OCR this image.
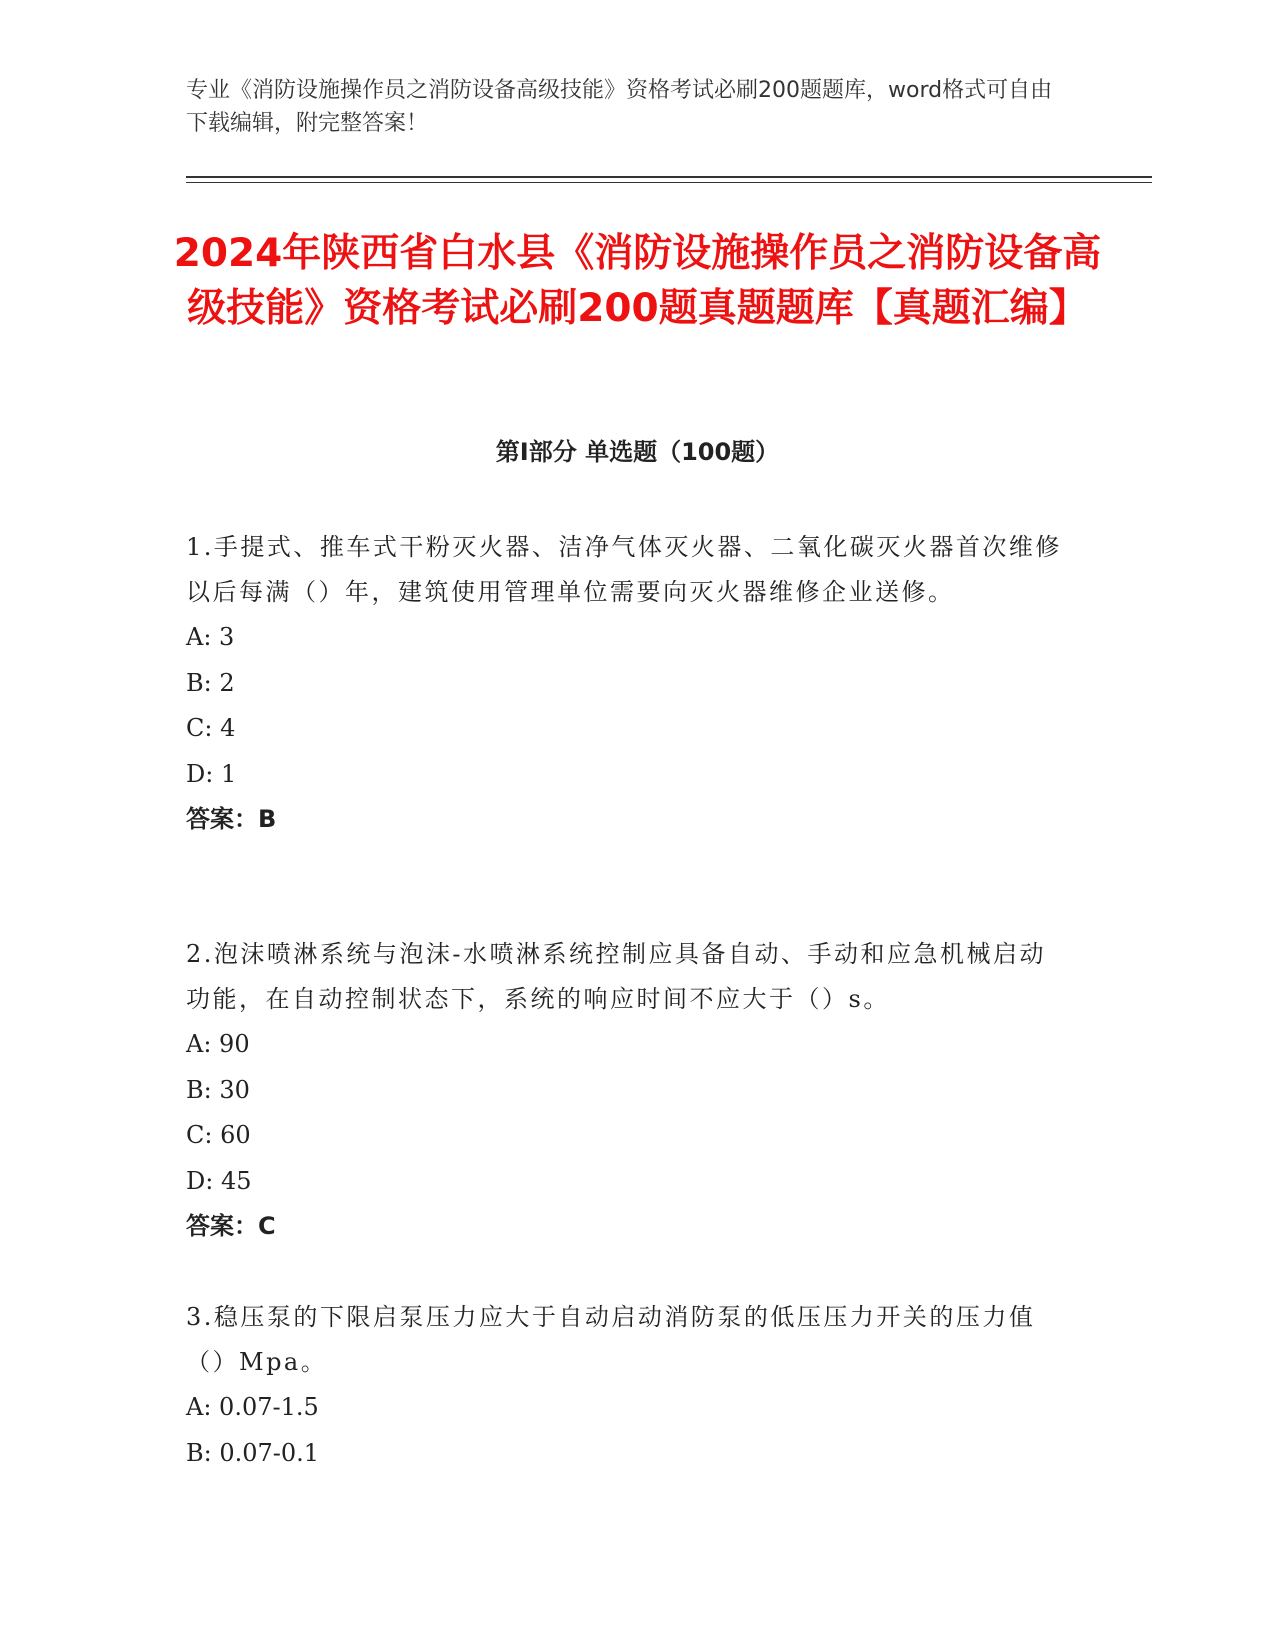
专业《消防设施操作员之消防设备高级技能》资格考试必刷200题题库，word格式可自由下载编辑，附完整答案！
2024年陕西省白水县《消防设施操作员之消防设备高级技能》资格考试必刷200题真题题库【真题汇编】
第Ⅰ部分 单选题（100题）
1.手提式、推车式干粉灭火器、洁净气体灭火器、二氧化碳灭火器首次维修以后每满（）年，建筑使用管理单位需要向灭火器维修企业送修。
A: 3
B: 2
C: 4
D: 1
答案：B
2.泡沫喷淋系统与泡沫-水喷淋系统控制应具备自动、手动和应急机械启动功能，在自动控制状态下，系统的响应时间不应大于（）s。
A: 90
B: 30
C: 60
D: 45
答案：C
3.稳压泵的下限启泵压力应大于自动启动消防泵的低压压力开关的压力值（）Mpa。
A: 0.07-1.5
B: 0.07-0.1
